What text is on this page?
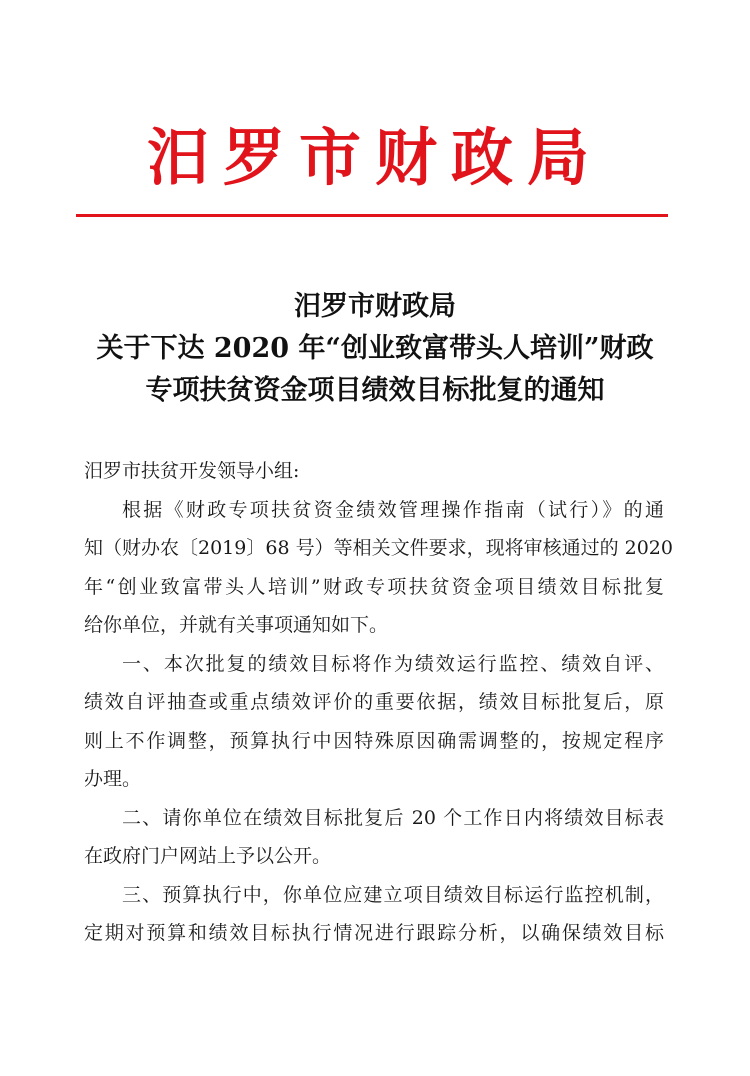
汨罗市财政局
汨罗市财政局
关于下达 2020 年“创业致富带头人培训”财政
专项扶贫资金项目绩效目标批复的通知

汨罗市扶贫开发领导小组:

根据《财政专项扶贫资金绩效管理操作指南（试行）》的通
知（财办农〔2019〕68 号）等相关文件要求，现将审核通过的 2020
年“创业致富带头人培训”财政专项扶贫资金项目绩效目标批复
给你单位，并就有关事项通知如下。
一、本次批复的绩效目标将作为绩效运行监控、绩效自评、
绩效自评抽查或重点绩效评价的重要依据，绩效目标批复后，原
则上不作调整，预算执行中因特殊原因确需调整的，按规定程序
办理。
二、请你单位在绩效目标批复后 20 个工作日内将绩效目标表
在政府门户网站上予以公开。
三、预算执行中，你单位应建立项目绩效目标运行监控机制，
定期对预算和绩效目标执行情况进行跟踪分析，以确保绩效目标
